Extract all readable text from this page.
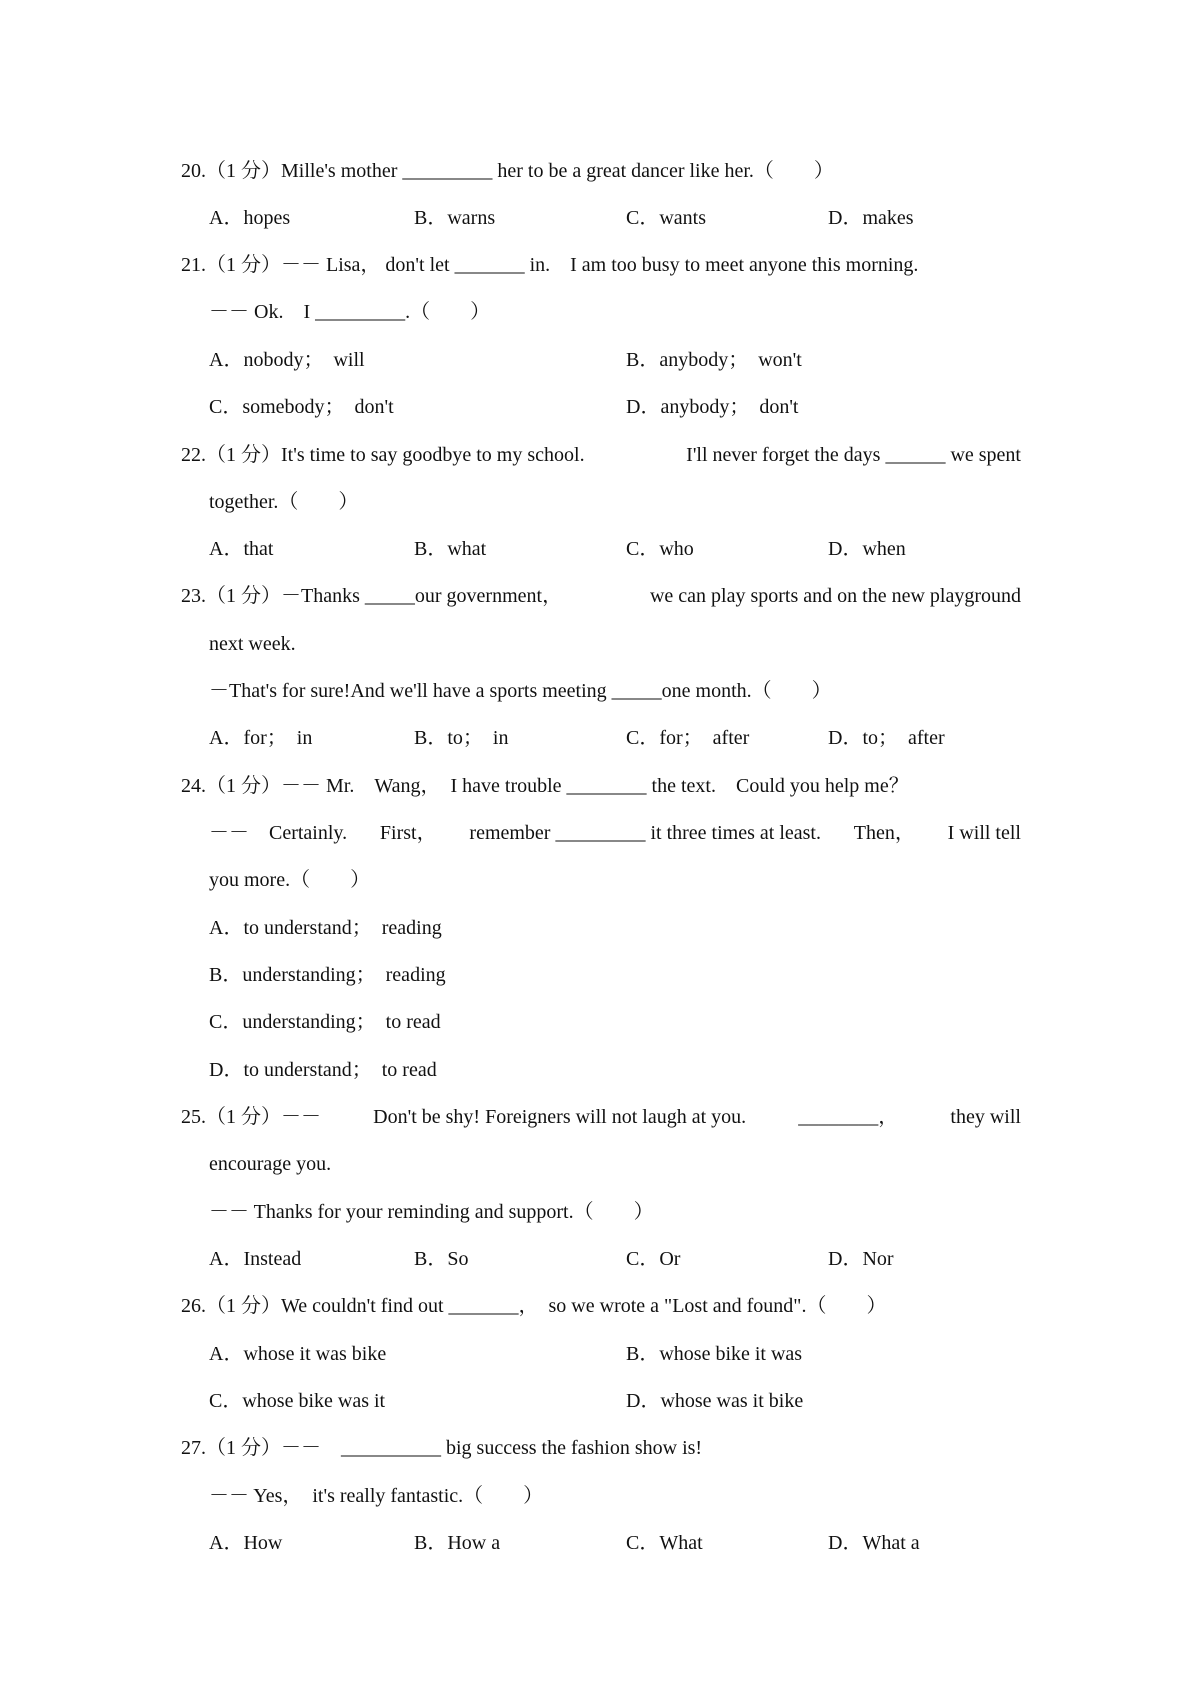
20.（1 分）Mille's mother _________ her to be a great dancer like her.（　　）
A．hopes	B．warns	C．wants	D．makes
21.（1 分）－－ Lisa， don't let _______ in.　I am too busy to meet anyone this morning.
－－ Ok.　I _________.（　　）
A．nobody；　will	B．anybody；　won't
C．somebody；　don't	D．anybody；　don't
22.（1 分）It's time to say goodbye to my school.	I'll never forget the days ______ we spent
together.（　　）
A．that	B．what	C．who	D．when
23.（1 分）－Thanks _____our government，	we can play sports and on the new playground
next week.
－That's for sure!And we'll have a sports meeting _____one month.（　　）
A．for；　in	B．to；　in	C．for；　after	D．to；　after
24.（1 分）－－ Mr.　Wang，　I have trouble ________ the text.　Could you help me？
－－　Certainly. First， remember _________ it three times at least. Then， I will tell
you more.（　　）
A．to understand；　reading
B．understanding；　reading
C．understanding；　to read
D．to understand；　to read
25.（1 分）－－	Don't be shy! Foreigners will not laugh at you.	________，	they will
encourage you.
－－ Thanks for your reminding and support.（　　）
A．Instead	B．So	C．Or	D．Nor
26.（1 分）We couldn't find out _______，　so we wrote a "Lost and found".（　　）
A．whose it was bike	B．whose bike it was
C．whose bike was it	D．whose was it bike
27.（1 分）－－　__________ big success the fashion show is!
－－ Yes，　it's really fantastic.（　　）
A．How	B．How a	C．What	D．What a
